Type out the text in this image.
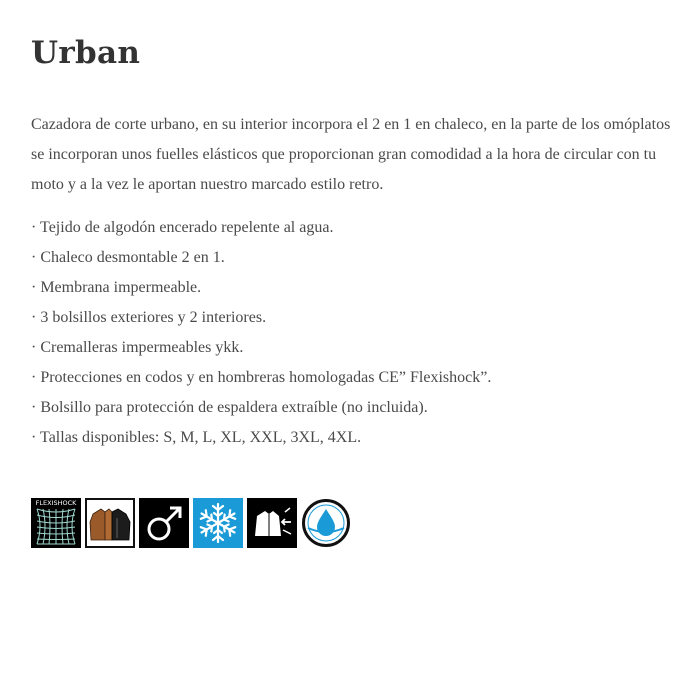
Urban

Cazadora de corte urbano, en su interior incorpora el 2 en 1 en chaleco, en la parte de los omóplatos se incorporan unos fuelles elásticos que proporcionan gran comodidad a la hora de circular con tu moto y a la vez le aportan nuestro marcado estilo retro.

· Tejido de algodón encerado repelente al agua.
· Chaleco desmontable 2 en 1.
· Membrana impermeable.
· 3 bolsillos exteriores y 2 interiores.
· Cremalleras impermeables ykk.
· Protecciones en codos y en hombreras homologadas CE” Flexishock”.
· Bolsillo para protección de espaldera extraíble (no incluida).
· Tallas disponibles: S, M, L, XL, XXL, 3XL, 4XL.
FLEXISHOCK
